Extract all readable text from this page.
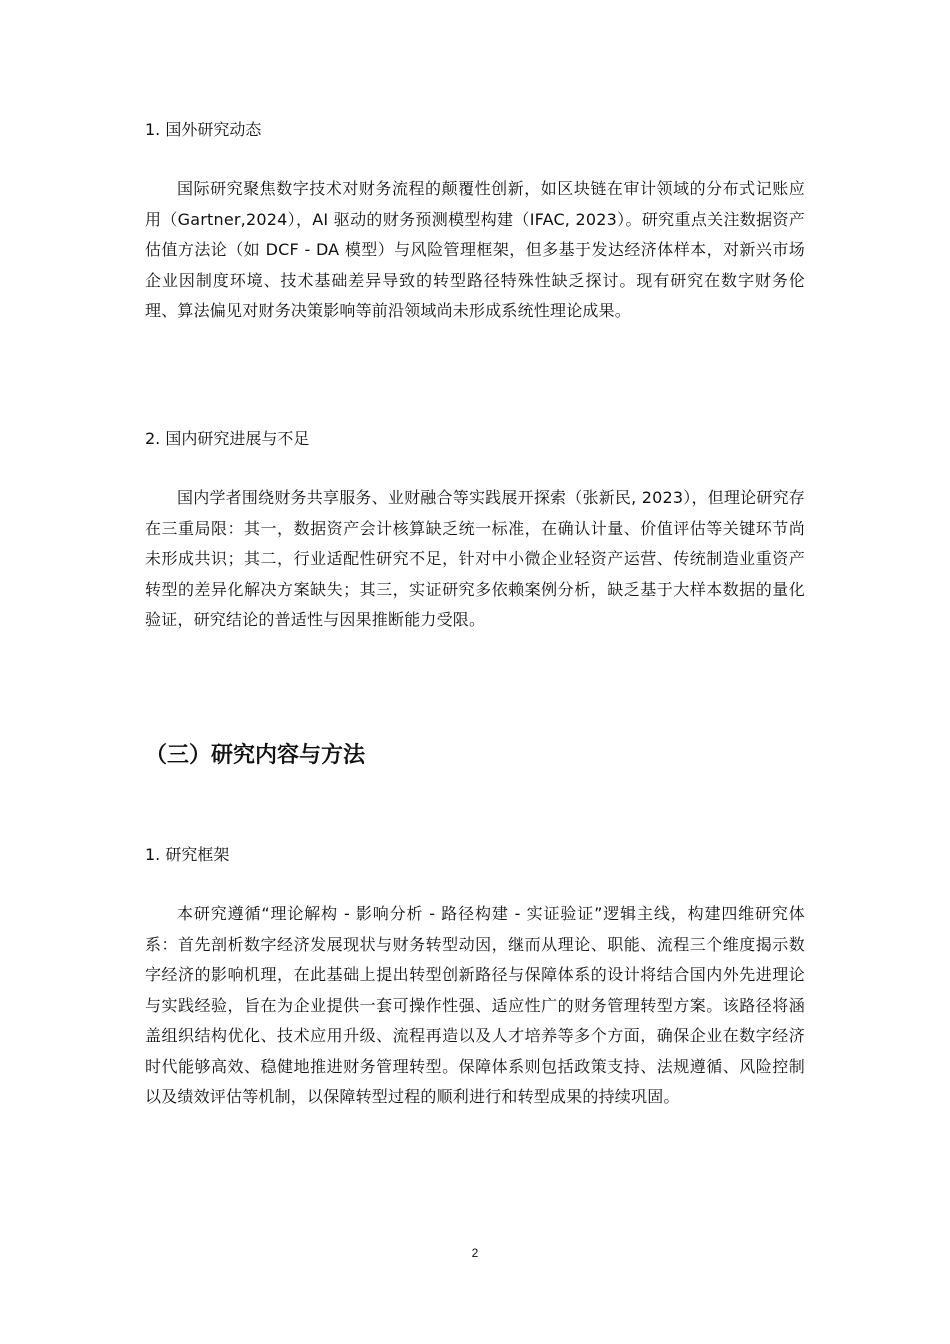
1. 国外研究动态

国际研究聚焦数字技术对财务流程的颠覆性创新，如区块链在审计领域的分布式记账应用（Gartner,2024），AI 驱动的财务预测模型构建（IFAC, 2023）。研究重点关注数据资产估值方法论（如 DCF - DA 模型）与风险管理框架，但多基于发达经济体样本，对新兴市场企业因制度环境、技术基础差异导致的转型路径特殊性缺乏探讨。现有研究在数字财务伦理、算法偏见对财务决策影响等前沿领域尚未形成系统性理论成果。

2. 国内研究进展与不足

国内学者围绕财务共享服务、业财融合等实践展开探索（张新民, 2023），但理论研究存在三重局限：其一，数据资产会计核算缺乏统一标准，在确认计量、价值评估等关键环节尚未形成共识；其二，行业适配性研究不足，针对中小微企业轻资产运营、传统制造业重资产转型的差异化解决方案缺失；其三，实证研究多依赖案例分析，缺乏基于大样本数据的量化验证，研究结论的普适性与因果推断能力受限。

（三）研究内容与方法
1. 研究框架

本研究遵循“理论解构 - 影响分析 - 路径构建 - 实证验证”逻辑主线，构建四维研究体系：首先剖析数字经济发展现状与财务转型动因，继而从理论、职能、流程三个维度揭示数字经济的影响机理，在此基础上提出转型创新路径与保障体系的设计将结合国内外先进理论与实践经验，旨在为企业提供一套可操作性强、适应性广的财务管理转型方案。该路径将涵盖组织结构优化、技术应用升级、流程再造以及人才培养等多个方面，确保企业在数字经济时代能够高效、稳健地推进财务管理转型。保障体系则包括政策支持、法规遵循、风险控制以及绩效评估等机制，以保障转型过程的顺利进行和转型成果的持续巩固。

2
